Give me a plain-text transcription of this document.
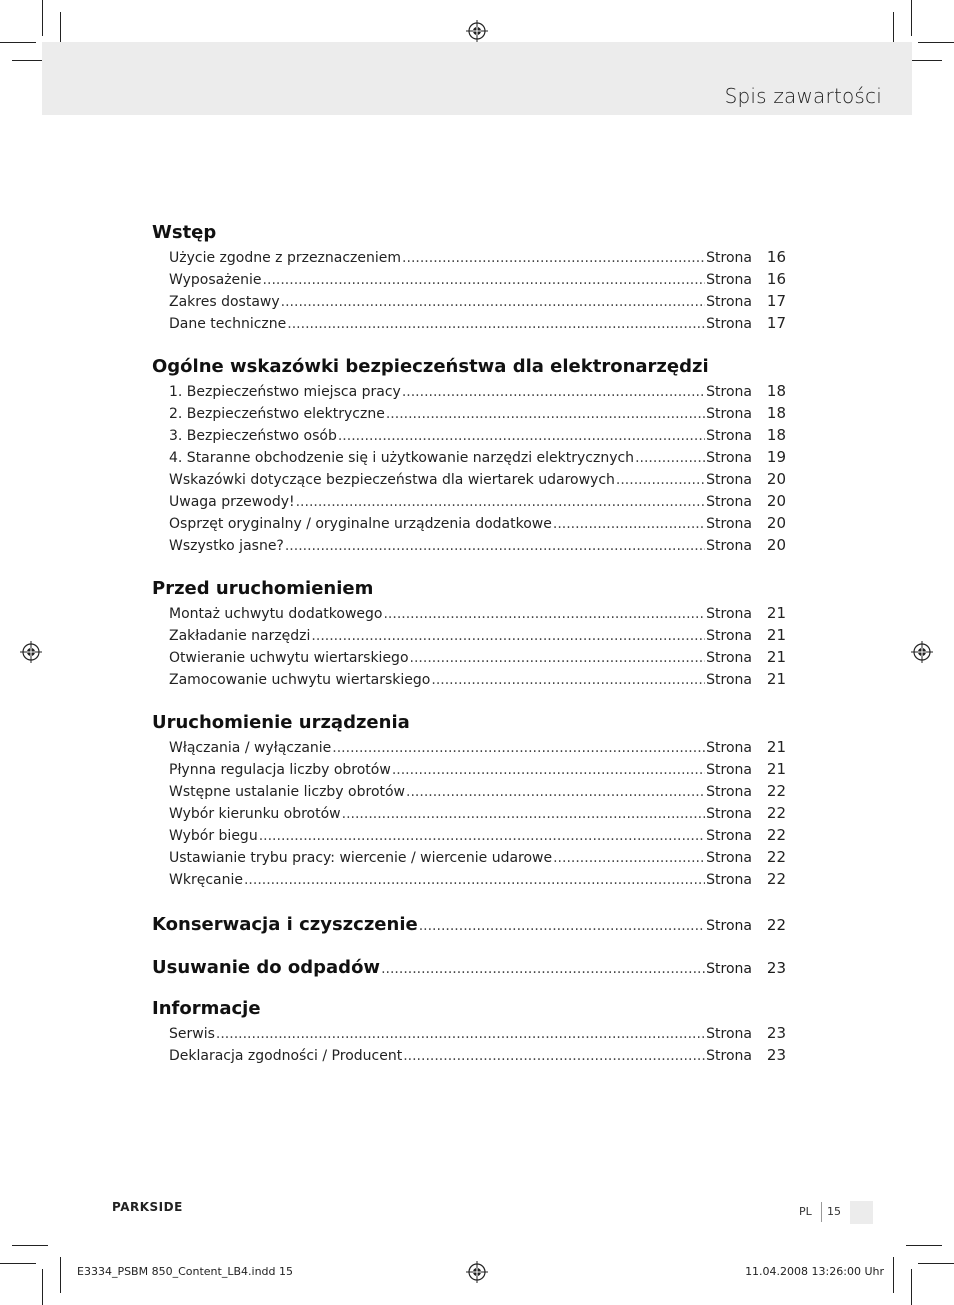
Spis zawartości
Wstęp
Użycie zgodne z przeznaczeniem .....	Strona 16
Wyposażenie .....	Strona 16
Zakres dostawy .....	Strona 17
Dane techniczne .....	Strona 17
Ogólne wskazówki bezpieczeństwa dla elektronarzędzi
1. Bezpieczeństwo miejsca pracy .....	Strona 18
2. Bezpieczeństwo elektryczne .....	Strona 18
3. Bezpieczeństwo osób .....	Strona 18
4. Staranne obchodzenie się i użytkowanie narzędzi elektrycznych .....	Strona 19
Wskazówki dotyczące bezpieczeństwa dla wiertarek udarowych .....	Strona 20
Uwaga przewody! .....	Strona 20
Osprzęt oryginalny / oryginalne urządzenia dodatkowe .....	Strona 20
Wszystko jasne? .....	Strona 20
Przed uruchomieniem
Montaż uchwytu dodatkowego .....	Strona 21
Zakładanie narzędzi .....	Strona 21
Otwieranie uchwytu wiertarskiego .....	Strona 21
Zamocowanie uchwytu wiertarskiego .....	Strona 21
Uruchomienie urządzenia
Włączania / wyłączanie .....	Strona 21
Płynna regulacja liczby obrotów .....	Strona 21
Wstępne ustalanie liczby obrotów .....	Strona 22
Wybór kierunku obrotów .....	Strona 22
Wybór biegu .....	Strona 22
Ustawianie trybu pracy: wiercenie / wiercenie udarowe .....	Strona 22
Wkręcanie .....	Strona 22
Konserwacja i czyszczenie .....	Strona 22
Usuwanie do odpadów .....	Strona 23
Informacje
Serwis .....	Strona 23
Deklaracja zgodności / Producent .....	Strona 23
PARKSIDE	PL 15
E3334_PSBM 850_Content_LB4.indd 15	11.04.2008 13:26:00 Uhr
